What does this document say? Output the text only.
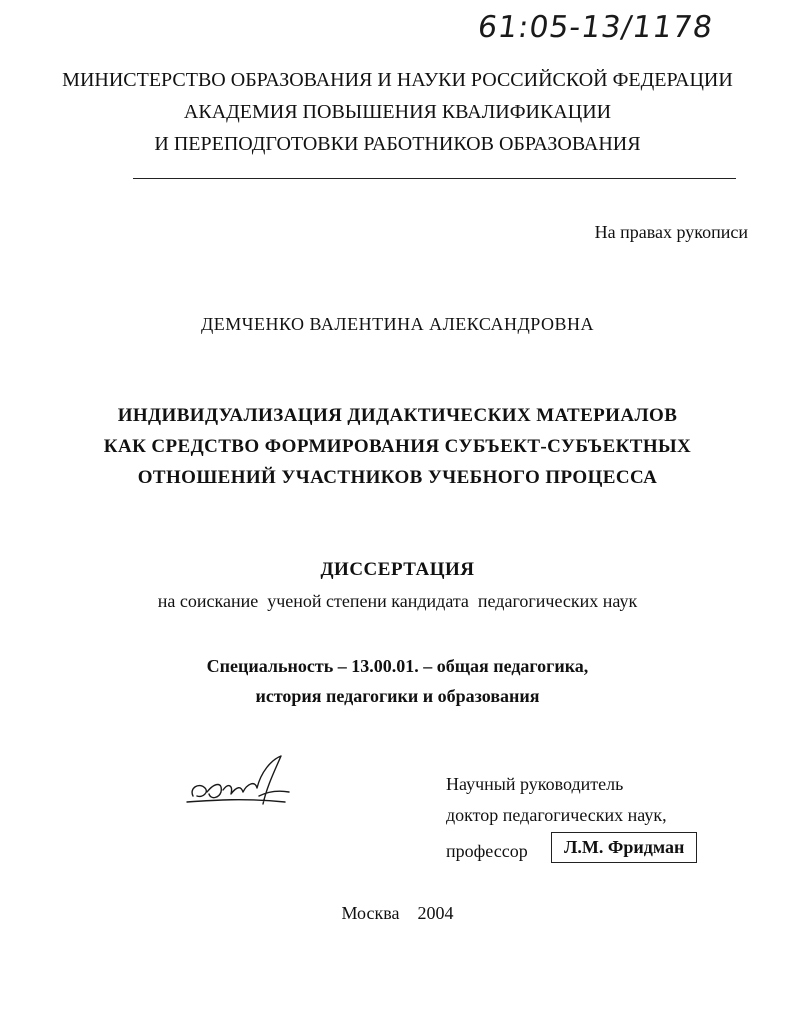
61:05-13/1178
МИНИСТЕРСТВО ОБРАЗОВАНИЯ И НАУКИ РОССИЙСКОЙ ФЕДЕРАЦИИ
АКАДЕМИЯ ПОВЫШЕНИЯ КВАЛИФИКАЦИИ
И ПЕРЕПОДГОТОВКИ РАБОТНИКОВ ОБРАЗОВАНИЯ
На правах рукописи
ДЕМЧЕНКО ВАЛЕНТИНА АЛЕКСАНДРОВНА
ИНДИВИДУАЛИЗАЦИЯ ДИДАКТИЧЕСКИХ МАТЕРИАЛОВ
КАК СРЕДСТВО ФОРМИРОВАНИЯ СУБЪЕКТ-СУБЪЕКТНЫХ
ОТНОШЕНИЙ УЧАСТНИКОВ УЧЕБНОГО ПРОЦЕССА
ДИССЕРТАЦИЯ
на соискание  ученой степени кандидата  педагогических наук
Специальность – 13.00.01. – общая педагогика,
история педагогики и образования
Научный руководитель
доктор педагогических наук,
профессор	Л.М. Фридман
Москва    2004
